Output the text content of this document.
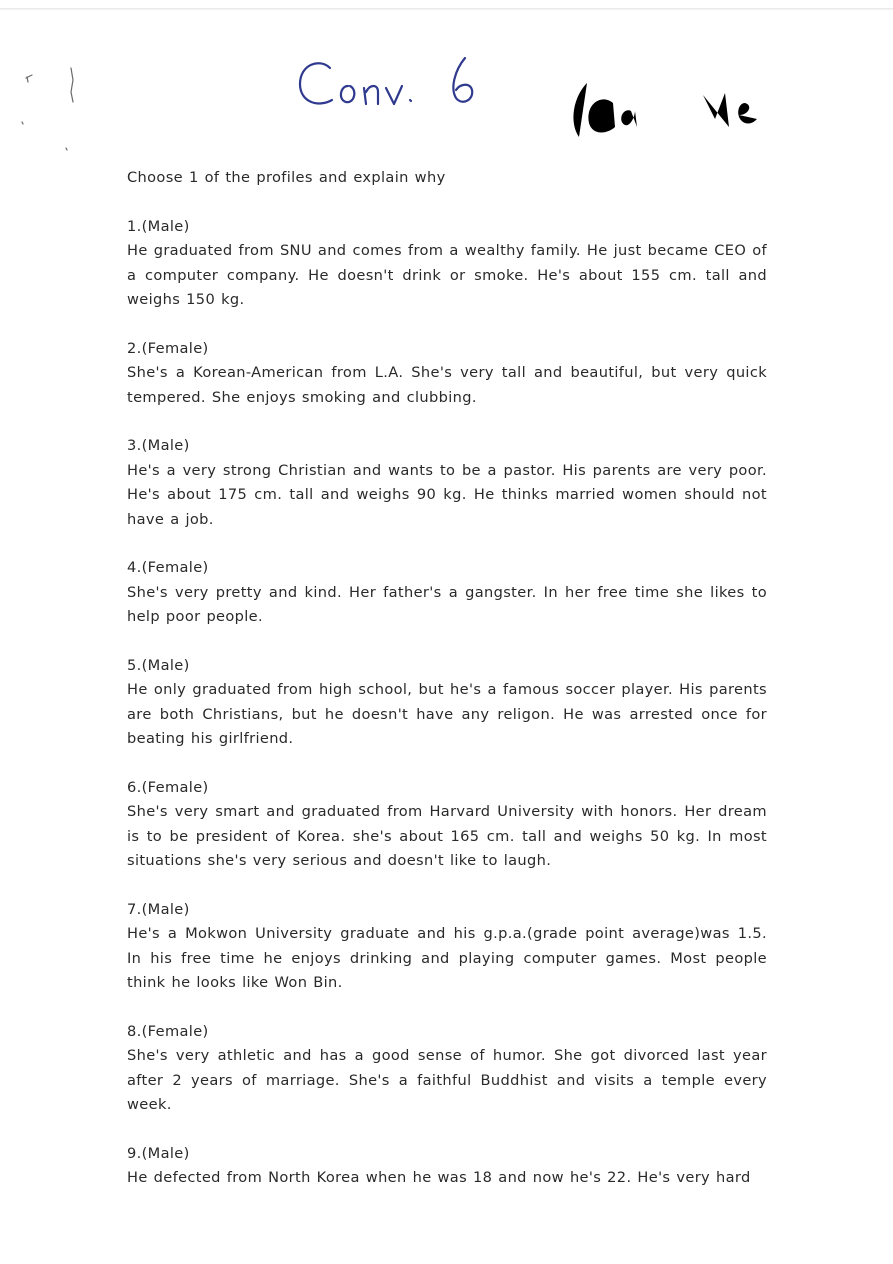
Choose 1 of the profiles and explain why

1.(Male)
He graduated from SNU and comes from a wealthy family. He just became CEO of a computer company. He doesn't drink or smoke. He's about 155 cm. tall and weighs 150 kg.
2.(Female)
She's a Korean-American from L.A. She's very tall and beautiful, but very quick tempered. She enjoys smoking and clubbing.
3.(Male)
He's a very strong Christian and wants to be a pastor. His parents are very poor. He's about 175 cm. tall and weighs 90 kg. He thinks married women should not have a job.
4.(Female)
She's very pretty and kind. Her father's a gangster. In her free time she likes to help poor people.
5.(Male)
He only graduated from high school, but he's a famous soccer player. His parents are both Christians, but he doesn't have any religon. He was arrested once for beating his girlfriend.
6.(Female)
She's very smart and graduated from Harvard University with honors. Her dream is to be president of Korea. she's about 165 cm. tall and weighs 50 kg. In most situations she's very serious and doesn't like to laugh.
7.(Male)
He's a Mokwon University graduate and his g.p.a.(grade point average)was 1.5. In his free time he enjoys drinking and playing computer games. Most people think he looks like Won Bin.
8.(Female)
She's very athletic and has a good sense of humor. She got divorced last year after 2 years of marriage. She's a faithful Buddhist and visits a temple every week.
9.(Male)
He defected from North Korea when he was 18 and now he's 22. He's very hard
